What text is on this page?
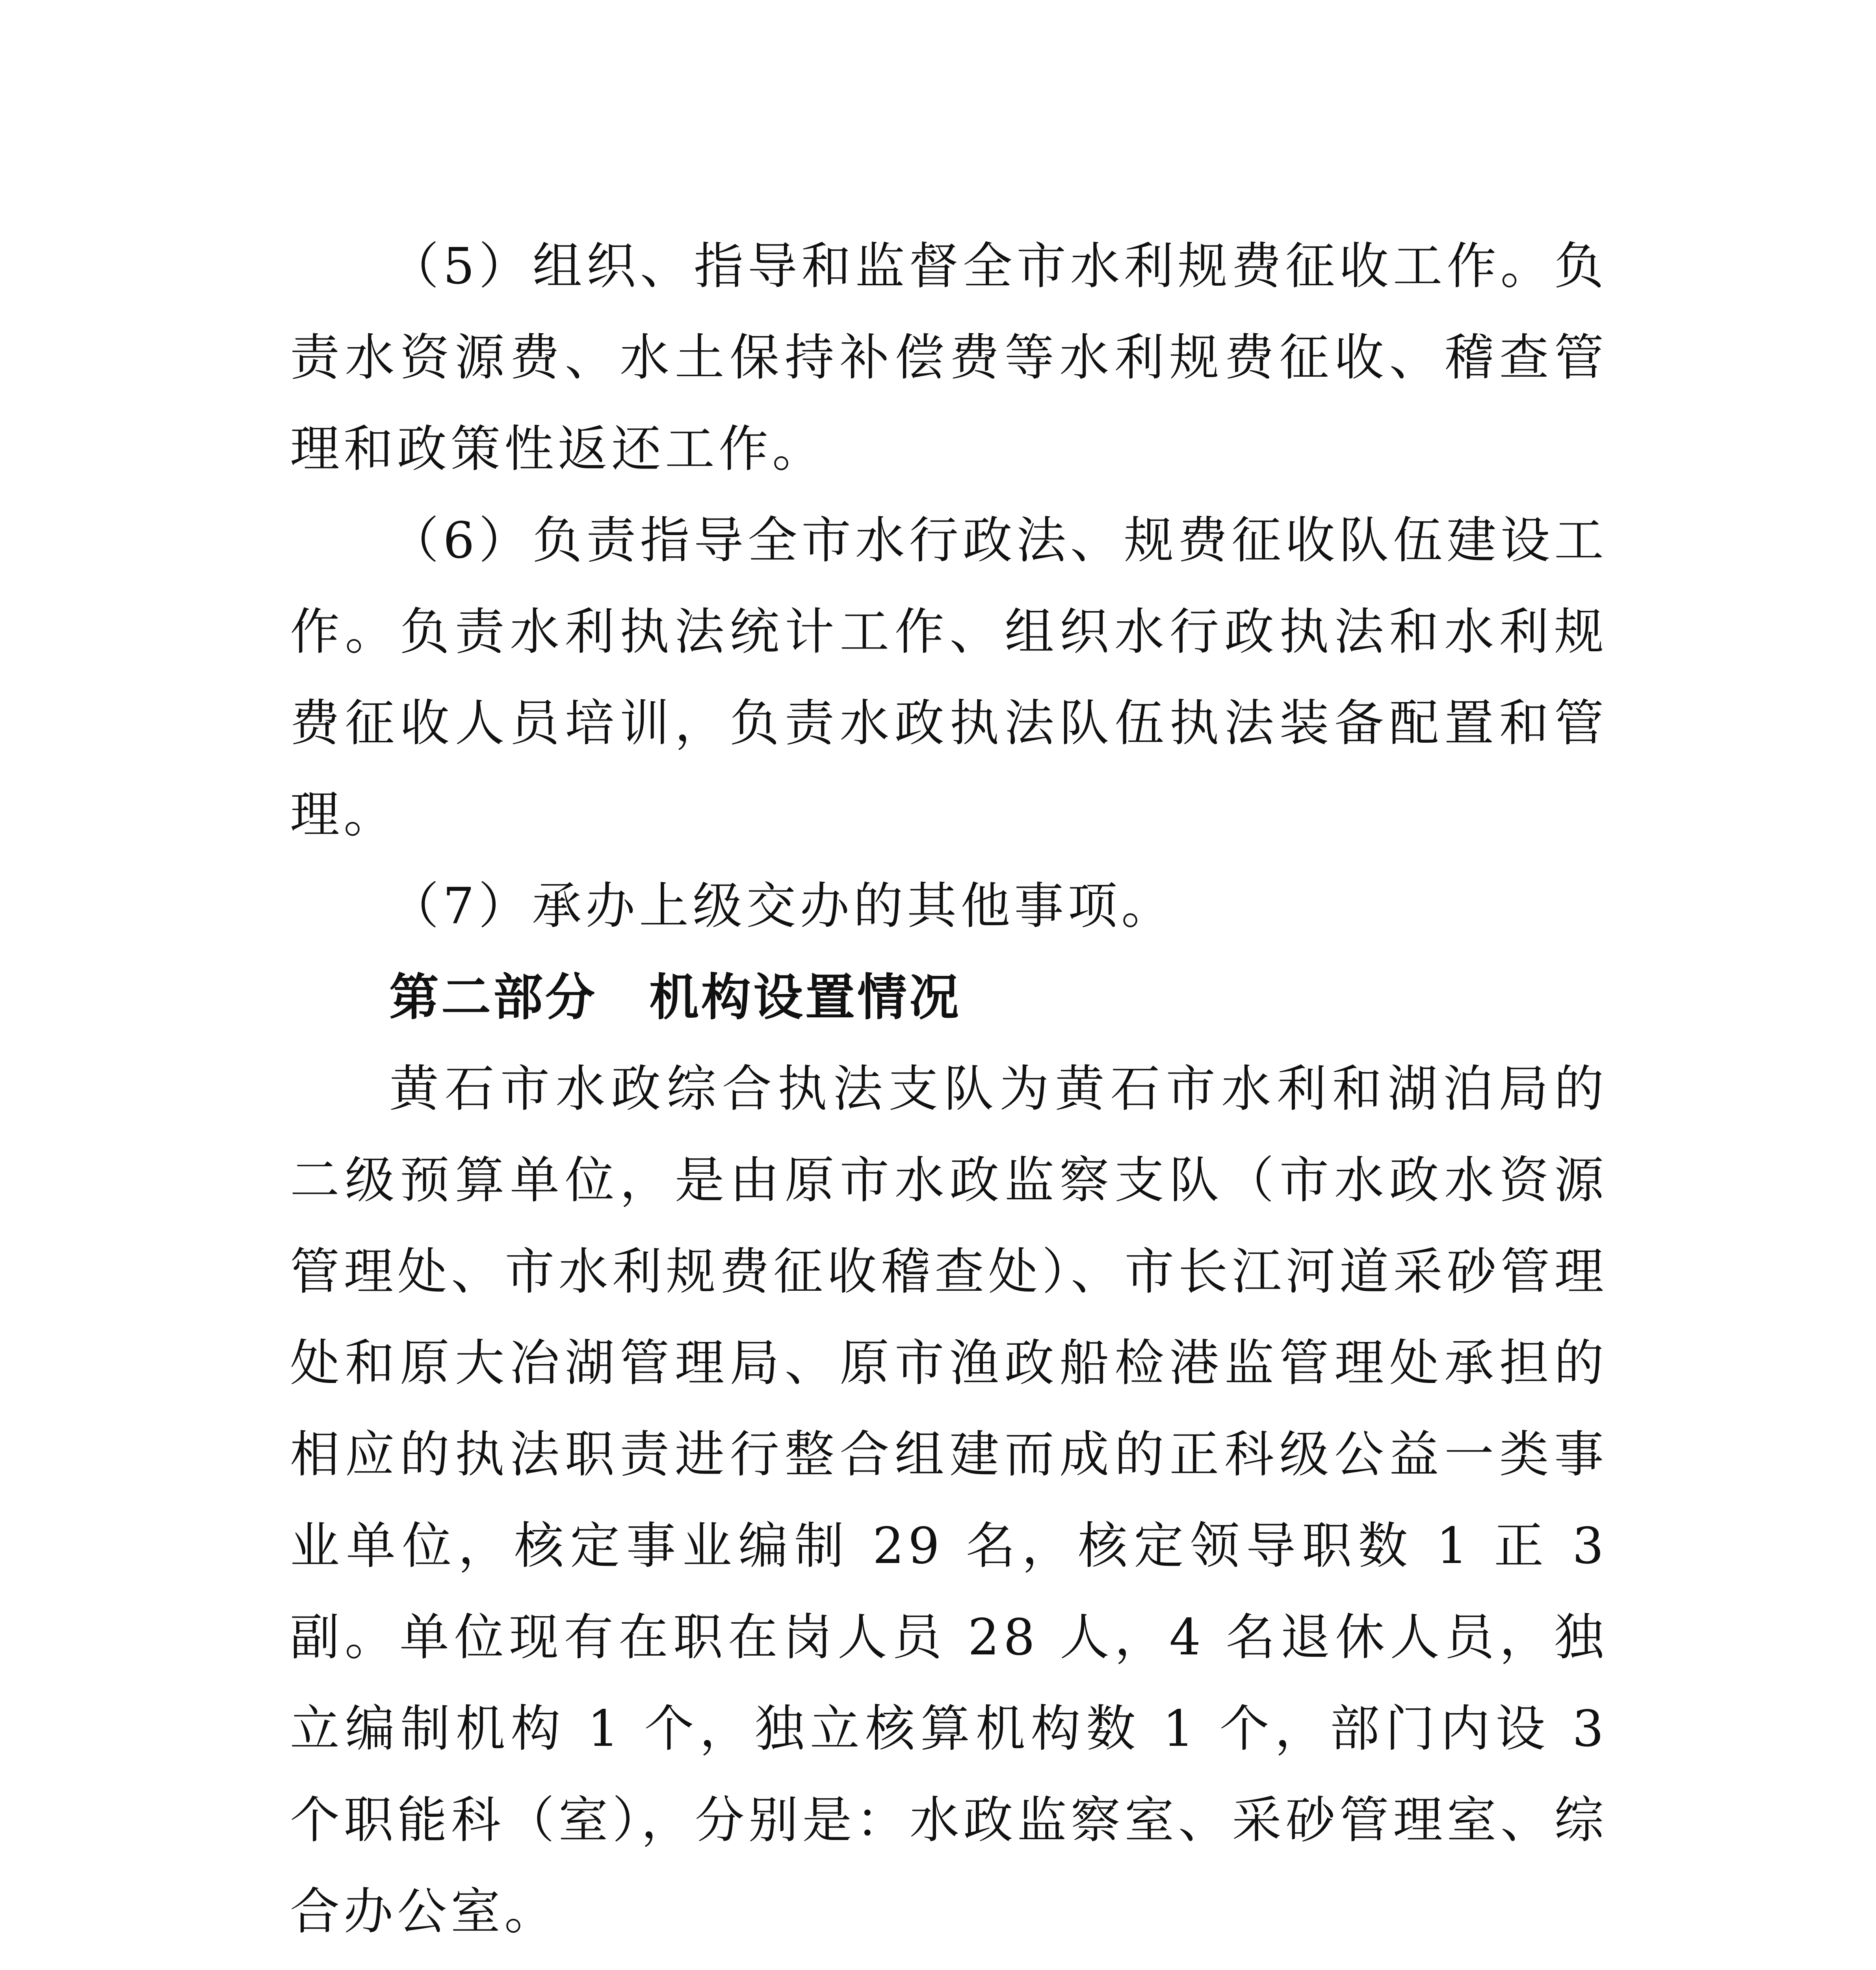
（5）组织、指导和监督全市水利规费征收工作。负责水资源费、水土保持补偿费等水利规费征收、稽查管理和政策性返还工作。

（6）负责指导全市水行政法、规费征收队伍建设工作。负责水利执法统计工作、组织水行政执法和水利规费征收人员培训，负责水政执法队伍执法装备配置和管理。

（7）承办上级交办的其他事项。

第二部分　机构设置情况

黄石市水政综合执法支队为黄石市水利和湖泊局的二级预算单位，是由原市水政监察支队（市水政水资源管理处、市水利规费征收稽查处）、市长江河道采砂管理处和原大冶湖管理局、原市渔政船检港监管理处承担的相应的执法职责进行整合组建而成的正科级公益一类事业单位，核定事业编制 29 名，核定领导职数 1 正 3 副。单位现有在职在岗人员 28 人，4 名退休人员，独立编制机构 1 个，独立核算机构数 1 个，部门内设 3 个职能科（室），分别是：水政监察室、采砂管理室、综合办公室。
